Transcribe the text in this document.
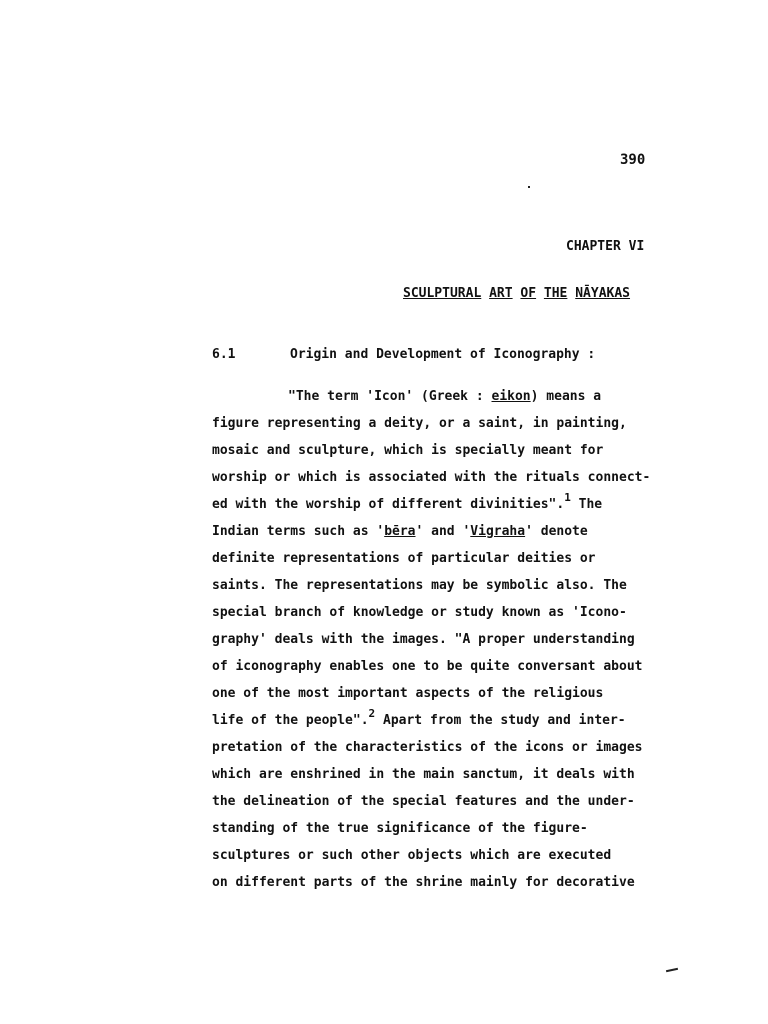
390
CHAPTER VI
SCULPTURAL ART OF THE NĀYAKAS
6.1	Origin and Development of Iconography :
"The term 'Icon' (Greek : eikon) means a
figure representing a deity, or a saint, in painting,
mosaic and sculpture, which is specially meant for
worship or which is associated with the rituals connect-
ed with the worship of different divinities".$^1$ The
Indian terms such as 'bēra' and 'Vigraha' denote
definite representations of particular deities or
saints. The representations may be symbolic also. The
special branch of knowledge or study known as 'Icono-
graphy' deals with the images. "A proper understanding
of iconography enables one to be quite conversant about
one of the most important aspects of the religious
life of the people".$^2$ Apart from the study and inter-
pretation of the characteristics of the icons or images
which are enshrined in the main sanctum, it deals with
the delineation of the special features and the under-
standing of the true significance of the figure-
sculptures or such other objects which are executed
on different parts of the shrine mainly for decorative
